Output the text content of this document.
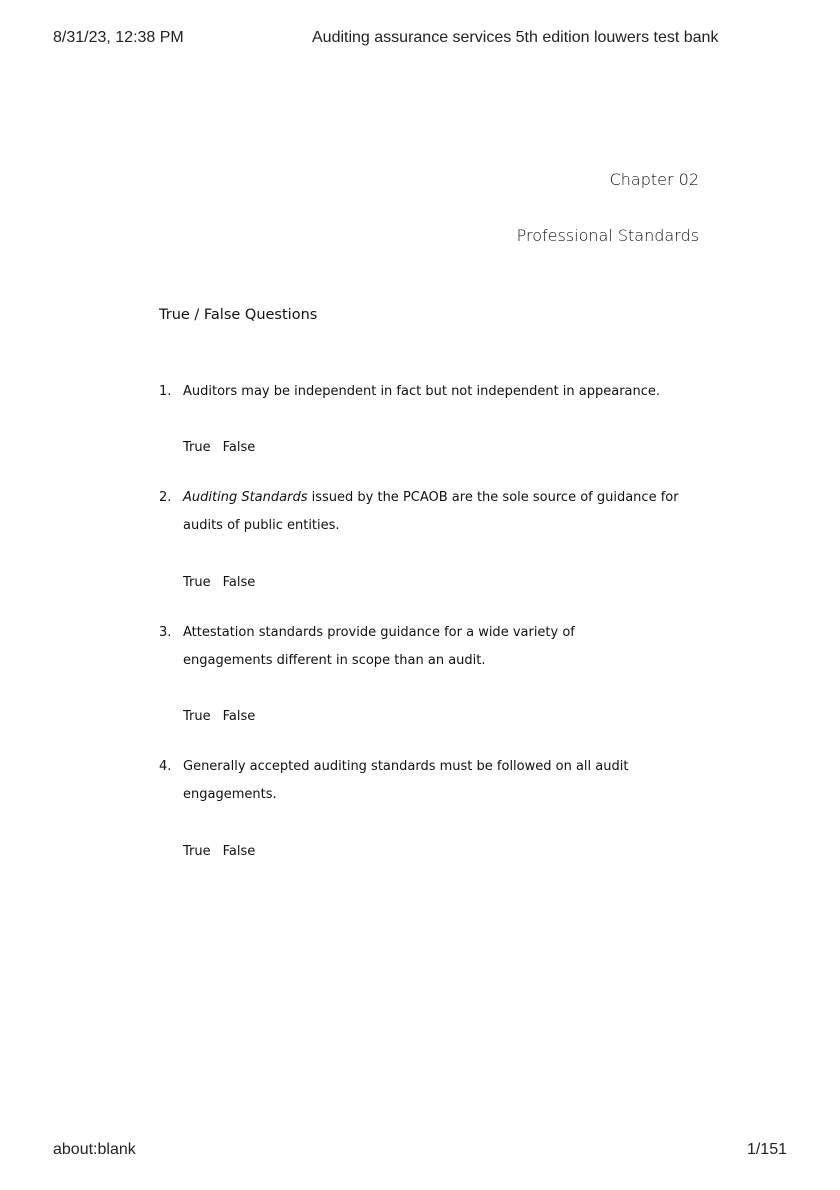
8/31/23, 12:38 PM	Auditing assurance services 5th edition louwers test bank
Chapter 02
Professional Standards
True / False Questions
1. Auditors may be independent in fact but not independent in appearance.
True False
2. Auditing Standards issued by the PCAOB are the sole source of guidance for audits of public entities.
True False
3. Attestation standards provide guidance for a wide variety of engagements different in scope than an audit.
True False
4. Generally accepted auditing standards must be followed on all audit engagements.
True False
about:blank	1/151
